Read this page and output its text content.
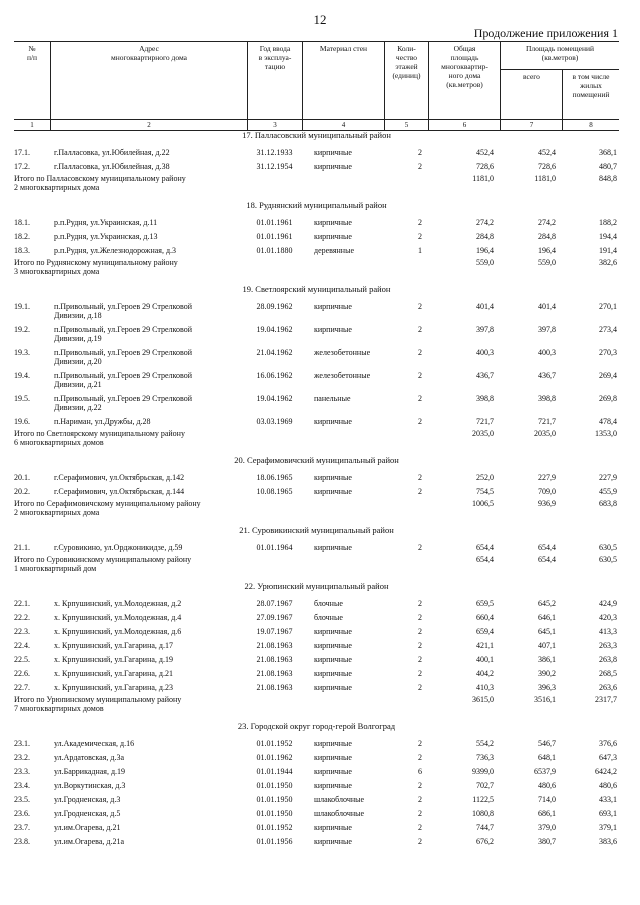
12
Продолжение приложения 1
№
п/п
Адрес
многоквартирного дома
Год ввода
в эксплуа-
тацию
Материал стен	Коли-
чество
этажей
(единиц)
Общая
площадь
многоквартир-
ного дома
(кв.метров)
Площадь помещений
(кв.метров)
всего	в том числе
жилых
помещений
1	2	3	4	5	6	7	8
17. Палласовский муниципальный район
17.1.	г.Палласовка, ул.Юбилейная, д.22	31.12.1933	кирпичные	2	452,4	452,4	368,1
17.2.	г.Палласовка, ул.Юбилейная, д.38	31.12.1954	кирпичные	2	728,6	728,6	480,7
Итого по Палласовскому муниципальному району
2 многоквартирных дома
1181,0	1181,0	848,8
18. Руднянский муниципальный район
18.1.	р.п.Рудня, ул.Украинская, д.11	01.01.1961	кирпичные	2	274,2	274,2	188,2
18.2.	р.п.Рудня, ул.Украинская, д.13	01.01.1961	кирпичные	2	284,8	284,8	194,4
18.3.	р.п.Рудня, ул.Железнодорожная, д.3	01.01.1880	деревянные	1	196,4	196,4	191,4
Итого по Руднянскому муниципальному району
3 многоквартирных дома
559,0	559,0	382,6
19. Светлоярский муниципальный район
19.1.	п.Привольный, ул.Героев 29 Стрелковой
Дивизии, д.18
28.09.1962	кирпичные	2	401,4	401,4	270,1
19.2.	п.Привольный, ул.Героев 29 Стрелковой
Дивизии, д.19
19.04.1962	кирпичные	2	397,8	397,8	273,4
19.3.	п.Привольный, ул.Героев 29 Стрелковой
Дивизии, д.20
21.04.1962	железобетонные	2	400,3	400,3	270,3
19.4.	п.Привольный, ул.Героев 29 Стрелковой
Дивизии, д.21
16.06.1962	железобетонные	2	436,7	436,7	269,4
19.5.	п.Привольный, ул.Героев 29 Стрелковой
Дивизии, д.22
19.04.1962	панельные	2	398,8	398,8	269,8
19.6.	п.Нариман, ул.Дружбы, д.28	03.03.1969	кирпичные	2	721,7	721,7	478,4
Итого по Светлоярскому муниципальному району
6 многоквартирных домов
2035,0	2035,0	1353,0
20. Серафимовичский муниципальный район
20.1.	г.Серафимович, ул.Октябрьская, д.142	18.06.1965	кирпичные	2	252,0	227,9	227,9
20.2.	г.Серафимович, ул.Октябрьская, д.144	10.08.1965	кирпичные	2	754,5	709,0	455,9
Итого по Серафимовичскому муниципальному району
2 многоквартирных дома
1006,5	936,9	683,8
21. Суровикинский муниципальный район
21.1.	г.Суровикино, ул.Орджоникидзе, д.59	01.01.1964	кирпичные	2	654,4	654,4	630,5
Итого по Суровикинскому муниципальному району
1 многоквартирный дом
654,4	654,4	630,5
22. Урюпинский муниципальный район
22.1.	х. Крпушинский, ул.Молодежная, д.2	28.07.1967	блочные	2	659,5	645,2	424,9
22.2.	х. Крпушинский, ул.Молодежная, д.4	27.09.1967	блочные	2	660,4	646,1	420,3
22.3.	х. Крпушинский, ул.Молодежная, д.6	19.07.1967	кирпичные	2	659,4	645,1	413,3
22.4.	х. Крпушинский, ул.Гагарина, д.17	21.08.1963	кирпичные	2	421,1	407,1	263,3
22.5.	х. Крпушинский, ул.Гагарина, д.19	21.08.1963	кирпичные	2	400,1	386,1	263,8
22.6.	х. Крпушинский, ул.Гагарина, д.21	21.08.1963	кирпичные	2	404,2	390,2	268,5
22.7.	х. Крпушинский, ул.Гагарина, д.23	21.08.1963	кирпичные	2	410,3	396,3	263,6
Итого по Урюпинскому муниципальному району
7 многоквартирных домов
3615,0	3516,1	2317,7
23. Городской округ город-герой Волгоград
23.1.	ул.Академическая, д.16	01.01.1952	кирпичные	2	554,2	546,7	376,6
23.2.	ул.Ардатовская, д.3а	01.01.1962	кирпичные	2	736,3	648,1	647,3
23.3.	ул.Баррикадная, д.19	01.01.1944	кирпичные	6	9399,0	6537,9	6424,2
23.4.	ул.Воркутинская, д.3	01.01.1950	кирпичные	2	702,7	480,6	480,6
23.5.	ул.Гродненская, д.3	01.01.1950	шлакоблочные	2	1122,5	714,0	433,1
23.6.	ул.Гродненская, д.5	01.01.1950	шлакоблочные	2	1080,8	686,1	693,1
23.7.	ул.им.Огарева, д.21	01.01.1952	кирпичные	2	744,7	379,0	379,1
23.8.	ул.им.Огарева, д.21а	01.01.1956	кирпичные	2	676,2	380,7	383,6
